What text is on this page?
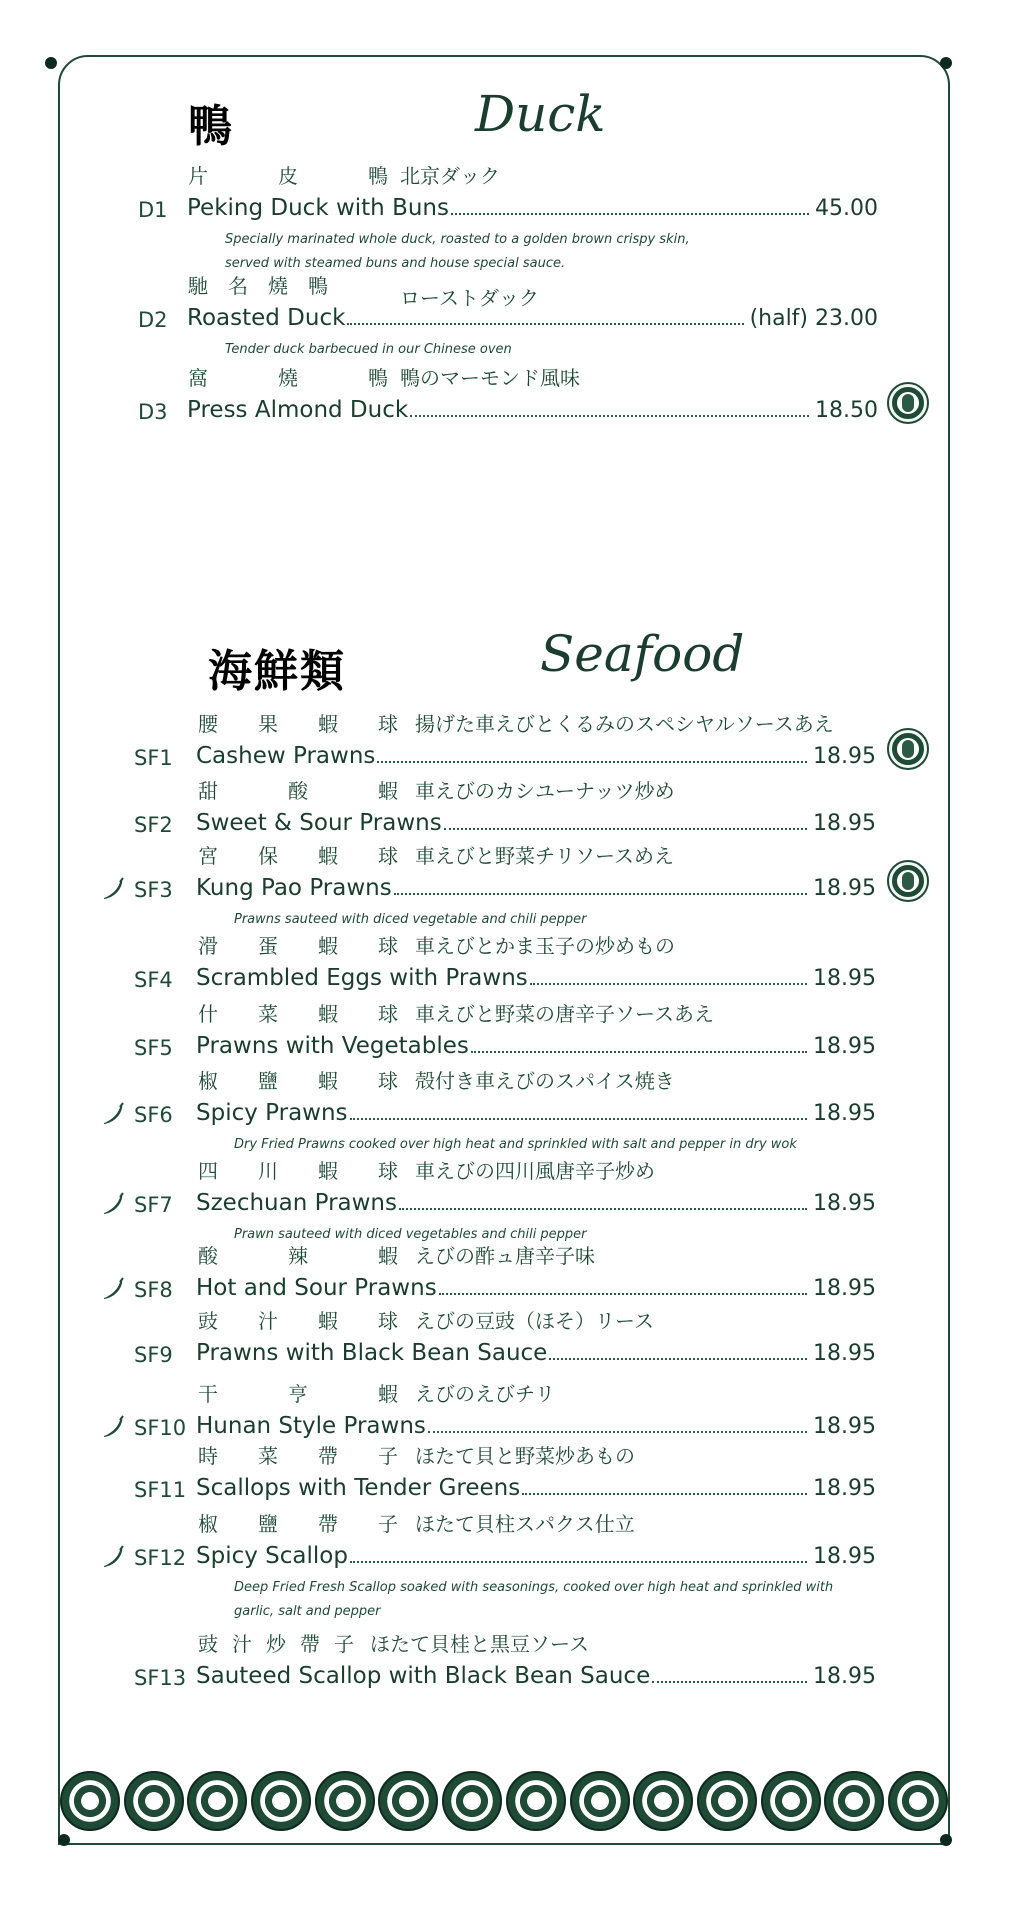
鴨	Duck
片	皮	鴨 北京ダック
D1 Peking Duck with Buns	45.00
Specially marinated whole duck, roasted to a golden brown crispy skin,
served with steamed buns and house special sauce.
馳 名 燒 鴨	ローストダック
D2 Roasted Duck	(half) 23.00
Tender duck barbecued in our Chinese oven
窩	燒	鴨 鴨のマーモンド風味
D3 Press Almond Duck	18.50
海鮮類	Seafood
腰 果 蝦 球 揚げた車えびとくるみのスペシヤルソースあえ
SF1 Cashew Prawns	18.95
甜	酸	蝦 車えびのカシユーナッツ炒め
SF2 Sweet & Sour Prawns	18.95
宮 保 蝦 球 車えびと野菜チリソースめえ
SF3 Kung Pao Prawns	18.95
Prawns sauteed with diced vegetable and chili pepper
滑 蛋 蝦 球 車えびとかま玉子の炒めもの
SF4 Scrambled Eggs with Prawns	18.95
什 菜 蝦 球 車えびと野菜の唐辛子ソースあえ
SF5 Prawns with Vegetables	18.95
椒 鹽 蝦 球 殻付き車えびのスパイス焼き
SF6 Spicy Prawns	18.95
Dry Fried Prawns cooked over high heat and sprinkled with salt and pepper in dry wok
四 川 蝦 球 車えびの四川風唐辛子炒め
SF7 Szechuan Prawns	18.95
Prawn sauteed with diced vegetables and chili pepper
酸	辣	蝦 えびの酢ュ唐辛子味
SF8 Hot and Sour Prawns	18.95
豉 汁 蝦 球 えびの豆豉（ほそ）リース
SF9 Prawns with Black Bean Sauce	18.95
干	亨	蝦 えびのえびチリ
SF10 Hunan Style Prawns	18.95
時 菜 帶 子 ほたて貝と野菜炒あもの
SF11 Scallops with Tender Greens	18.95
椒 鹽 帶 子 ほたて貝柱スパクス仕立
SF12 Spicy Scallop	18.95
Deep Fried Fresh Scallop soaked with seasonings, cooked over high heat and sprinkled with
garlic, salt and pepper
豉 汁 炒 帶 子 ほたて貝桂と黒豆ソース
SF13 Sauteed Scallop with Black Bean Sauce	18.95
